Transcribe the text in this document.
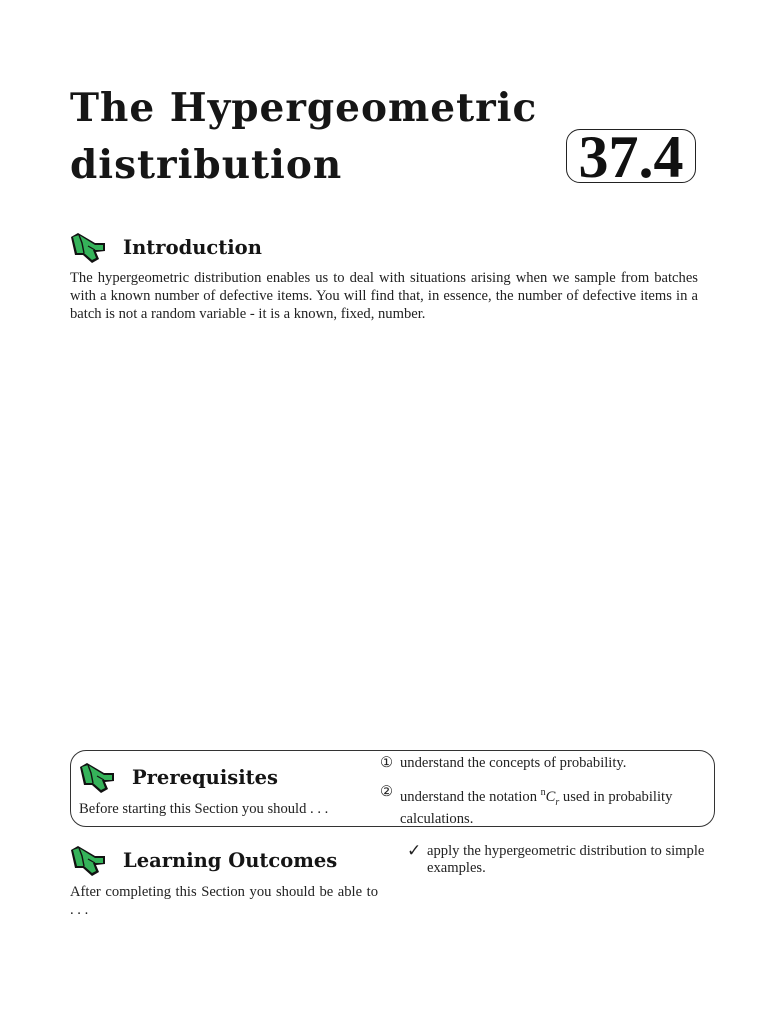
The Hypergeometric
distribution	37.4
Introduction

The hypergeometric distribution enables us to deal with situations arising when we sample from batches with a known number of defective items. You will find that, in essence, the number of defective items in a batch is not a random variable - it is a known, fixed, number.

Prerequisites

Before starting this Section you should . . .

① understand the concepts of probability.
② understand the notation $^nC_r$ used in probability calculations.
Learning Outcomes

After completing this Section you should be able to . . .

✓ apply the hypergeometric distribution to simple examples.
